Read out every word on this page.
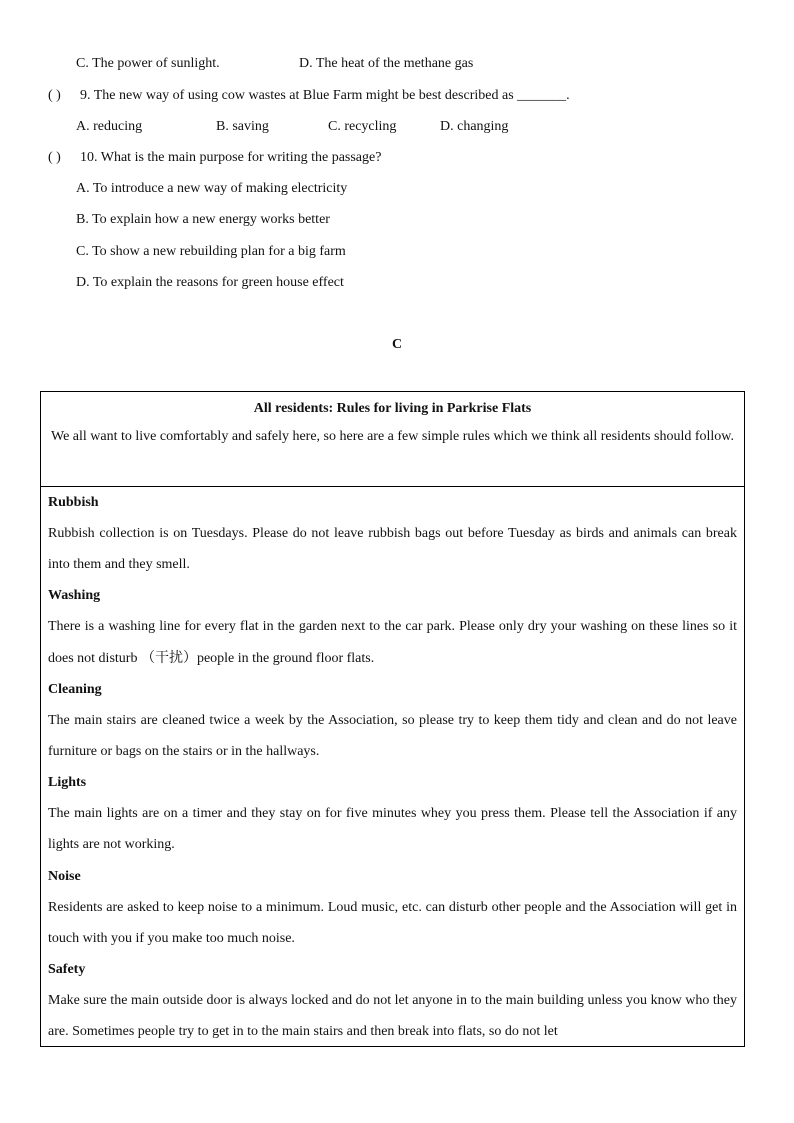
C. The power of sunlight.	D. The heat of the methane gas
( ) 9. The new way of using cow wastes at Blue Farm might be best described as _______.
A. reducing	B. saving	C. recycling	D. changing
( ) 10. What is the main purpose for writing the passage?
A. To introduce a new way of making electricity
B. To explain how a new energy works better
C. To show a new rebuilding plan for a big farm
D. To explain the reasons for green house effect
C
All residents: Rules for living in Parkrise Flats
We all want to live comfortably and safely here, so here are a few simple rules which we think all residents should follow.
Rubbish
Rubbish collection is on Tuesdays. Please do not leave rubbish bags out before Tuesday as birds and animals can break into them and they smell.
Washing
There is a washing line for every flat in the garden next to the car park. Please only dry your washing on these lines so it does not disturb （干扰）people in the ground floor flats.
Cleaning
The main stairs are cleaned twice a week by the Association, so please try to keep them tidy and clean and do not leave furniture or bags on the stairs or in the hallways.
Lights
The main lights are on a timer and they stay on for five minutes whey you press them. Please tell the Association if any lights are not working.
Noise
Residents are asked to keep noise to a minimum. Loud music, etc. can disturb other people and the Association will get in touch with you if you make too much noise.
Safety
Make sure the main outside door is always locked and do not let anyone in to the main building unless you know who they are. Sometimes people try to get in to the main stairs and then break into flats, so do not let
